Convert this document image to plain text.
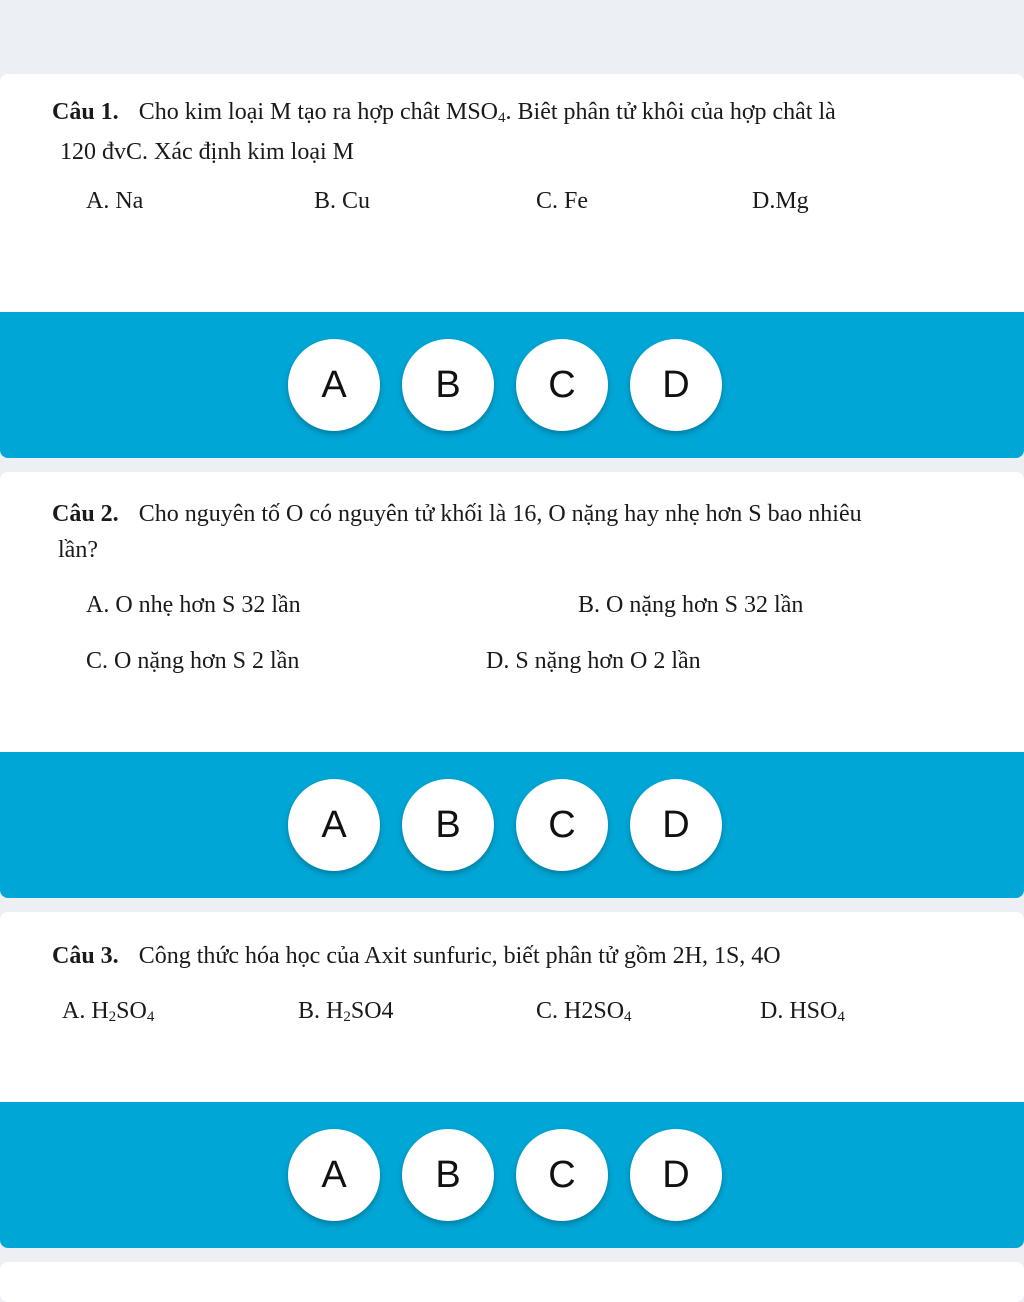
Câu 1. Cho kim loại M tạo ra hợp chât $MSO_4$. Biêt phân tử khôi của hợp chât là
120 đvC. Xác định kim loại M
A. Na	B. Cu	C. Fe	D.Mg
A	B	C	D
Câu 2. Cho nguyên tố O có nguyên tử khối là 16, O nặng hay nhẹ hơn S bao nhiêu
lần?
A. O nhẹ hơn S 32 lần	B. O nặng hơn S 32 lần
C. O nặng hơn S 2 lần	D. S nặng hơn O 2 lần
A	B	C	D
Câu 3. Công thức hóa học của Axit sunfuric, biết phân tử gồm 2H, 1S, 4O
A. $H_2SO_4$	B. $H_2SO4$	C. $H2SO_4$	D. $HSO_4$
A	B	C	D
